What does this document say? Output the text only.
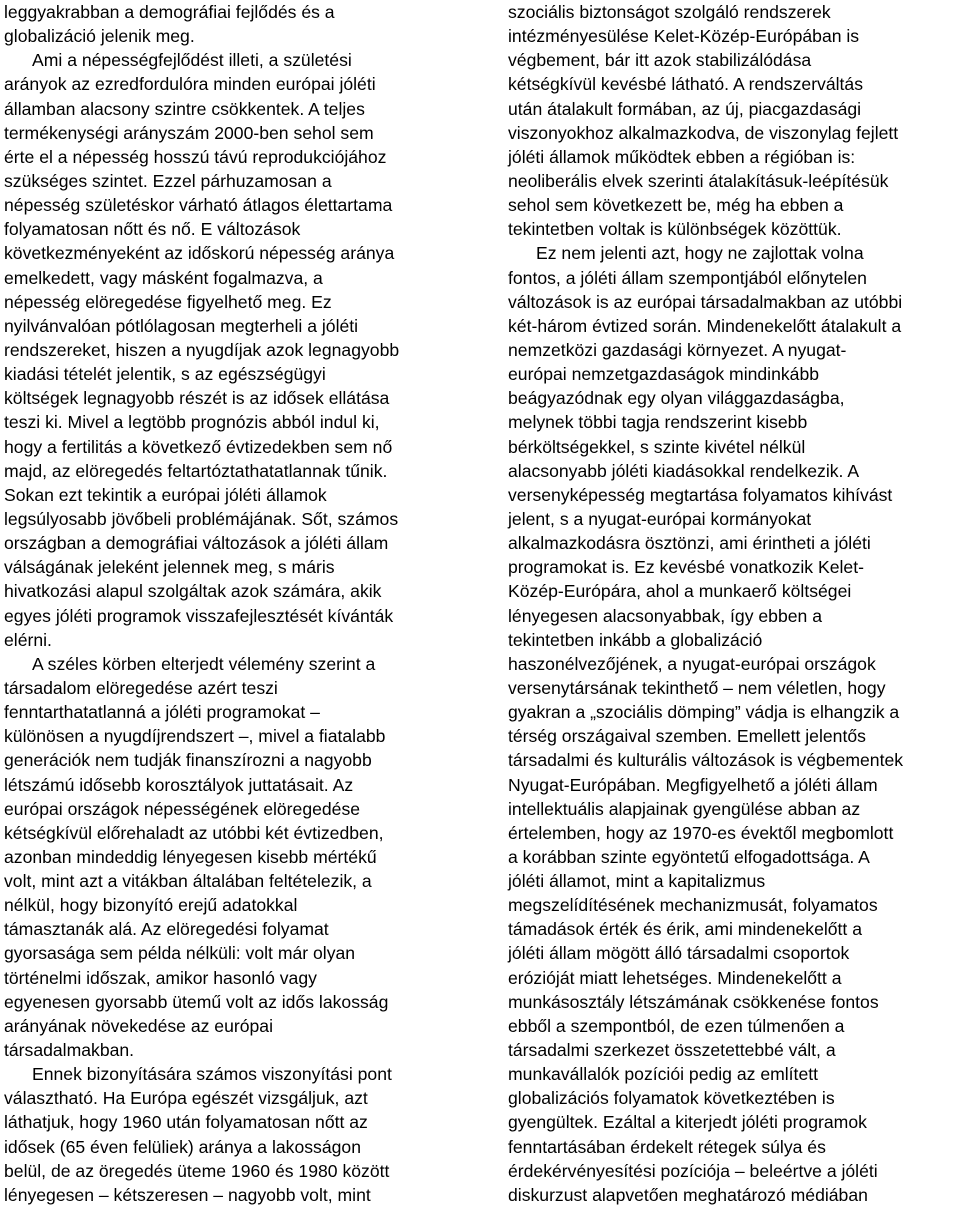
leggyakrabban a demográfiai fejlődés és a
globalizáció jelenik meg.
Ami a népességfejlődést illeti, a születési
arányok az ezredfordulóra minden európai jóléti
államban alacsony szintre csökkentek. A teljes
termékenységi arányszám 2000-ben sehol sem
érte el a népesség hosszú távú reprodukciójához
szükséges szintet. Ezzel párhuzamosan a
népesség születéskor várható átlagos élettartama
folyamatosan nőtt és nő. E változások
következményeként az időskorú népesség aránya
emelkedett, vagy másként fogalmazva, a
népesség elöregedése figyelhető meg. Ez
nyilvánvalóan pótlólagosan megterheli a jóléti
rendszereket, hiszen a nyugdíjak azok legnagyobb
kiadási tételét jelentik, s az egészségügyi
költségek legnagyobb részét is az idősek ellátása
teszi ki. Mivel a legtöbb prognózis abból indul ki,
hogy a fertilitás a következő évtizedekben sem nő
majd, az elöregedés feltartóztathatatlannak tűnik.
Sokan ezt tekintik a európai jóléti államok
legsúlyosabb jövőbeli problémájának. Sőt, számos
országban a demográfiai változások a jóléti állam
válságának jeleként jelennek meg, s máris
hivatkozási alapul szolgáltak azok számára, akik
egyes jóléti programok visszafejlesztését kívánták
elérni.
A széles körben elterjedt vélemény szerint a
társadalom elöregedése azért teszi
fenntarthatatlanná a jóléti programokat –
különösen a nyugdíjrendszert –, mivel a fiatalabb
generációk nem tudják finanszírozni a nagyobb
létszámú idősebb korosztályok juttatásait. Az
európai országok népességének elöregedése
kétségkívül előrehaladt az utóbbi két évtizedben,
azonban mindeddig lényegesen kisebb mértékű
volt, mint azt a vitákban általában feltételezik, a
nélkül, hogy bizonyító erejű adatokkal
támasztanák alá. Az elöregedési folyamat
gyorsasága sem példa nélküli: volt már olyan
történelmi időszak, amikor hasonló vagy
egyenesen gyorsabb ütemű volt az idős lakosság
arányának növekedése az európai
társadalmakban.
Ennek bizonyítására számos viszonyítási pont
választható. Ha Európa egészét vizsgáljuk, azt
láthatjuk, hogy 1960 után folyamatosan nőtt az
idősek (65 éven felüliek) aránya a lakosságon
belül, de az öregedés üteme 1960 és 1980 között
lényegesen – kétszeresen – nagyobb volt, mint
szociális biztonságot szolgáló rendszerek
intézményesülése Kelet-Közép-Európában is
végbement, bár itt azok stabilizálódása
kétségkívül kevésbé látható. A rendszerváltás
után átalakult formában, az új, piacgazdasági
viszonyokhoz alkalmazkodva, de viszonylag fejlett
jóléti államok működtek ebben a régióban is:
neoliberális elvek szerinti átalakításuk-leépítésük
sehol sem következett be, még ha ebben a
tekintetben voltak is különbségek közöttük.
Ez nem jelenti azt, hogy ne zajlottak volna
fontos, a jóléti állam szempontjából előnytelen
változások is az európai társadalmakban az utóbbi
két-három évtized során. Mindenekelőtt átalakult a
nemzetközi gazdasági környezet. A nyugat-
európai nemzetgazdaságok mindinkább
beágyazódnak egy olyan világgazdaságba,
melynek többi tagja rendszerint kisebb
bérköltségekkel, s szinte kivétel nélkül
alacsonyabb jóléti kiadásokkal rendelkezik. A
versenyképesség megtartása folyamatos kihívást
jelent, s a nyugat-európai kormányokat
alkalmazkodásra ösztönzi, ami érintheti a jóléti
programokat is. Ez kevésbé vonatkozik Kelet-
Közép-Európára, ahol a munkaerő költségei
lényegesen alacsonyabbak, így ebben a
tekintetben inkább a globalizáció
haszonélvezőjének, a nyugat-európai országok
versenytársának tekinthető – nem véletlen, hogy
gyakran a „szociális dömping” vádja is elhangzik a
térség országaival szemben. Emellett jelentős
társadalmi és kulturális változások is végbementek
Nyugat-Európában. Megfigyelhető a jóléti állam
intellektuális alapjainak gyengülése abban az
értelemben, hogy az 1970-es évektől megbomlott
a korábban szinte egyöntetű elfogadottsága. A
jóléti államot, mint a kapitalizmus
megszelídítésének mechanizmusát, folyamatos
támadások érték és érik, ami mindenekelőtt a
jóléti állam mögött álló társadalmi csoportok
erózióját miatt lehetséges. Mindenekelőtt a
munkásosztály létszámának csökkenése fontos
ebből a szempontból, de ezen túlmenően a
társadalmi szerkezet összetettebbé vált, a
munkavállalók pozíciói pedig az említett
globalizációs folyamatok következtében is
gyengültek. Ezáltal a kiterjedt jóléti programok
fenntartásában érdekelt rétegek súlya és
érdekérvényesítési pozíciója – beleértve a jóléti
diskurzust alapvetően meghatározó médiában
